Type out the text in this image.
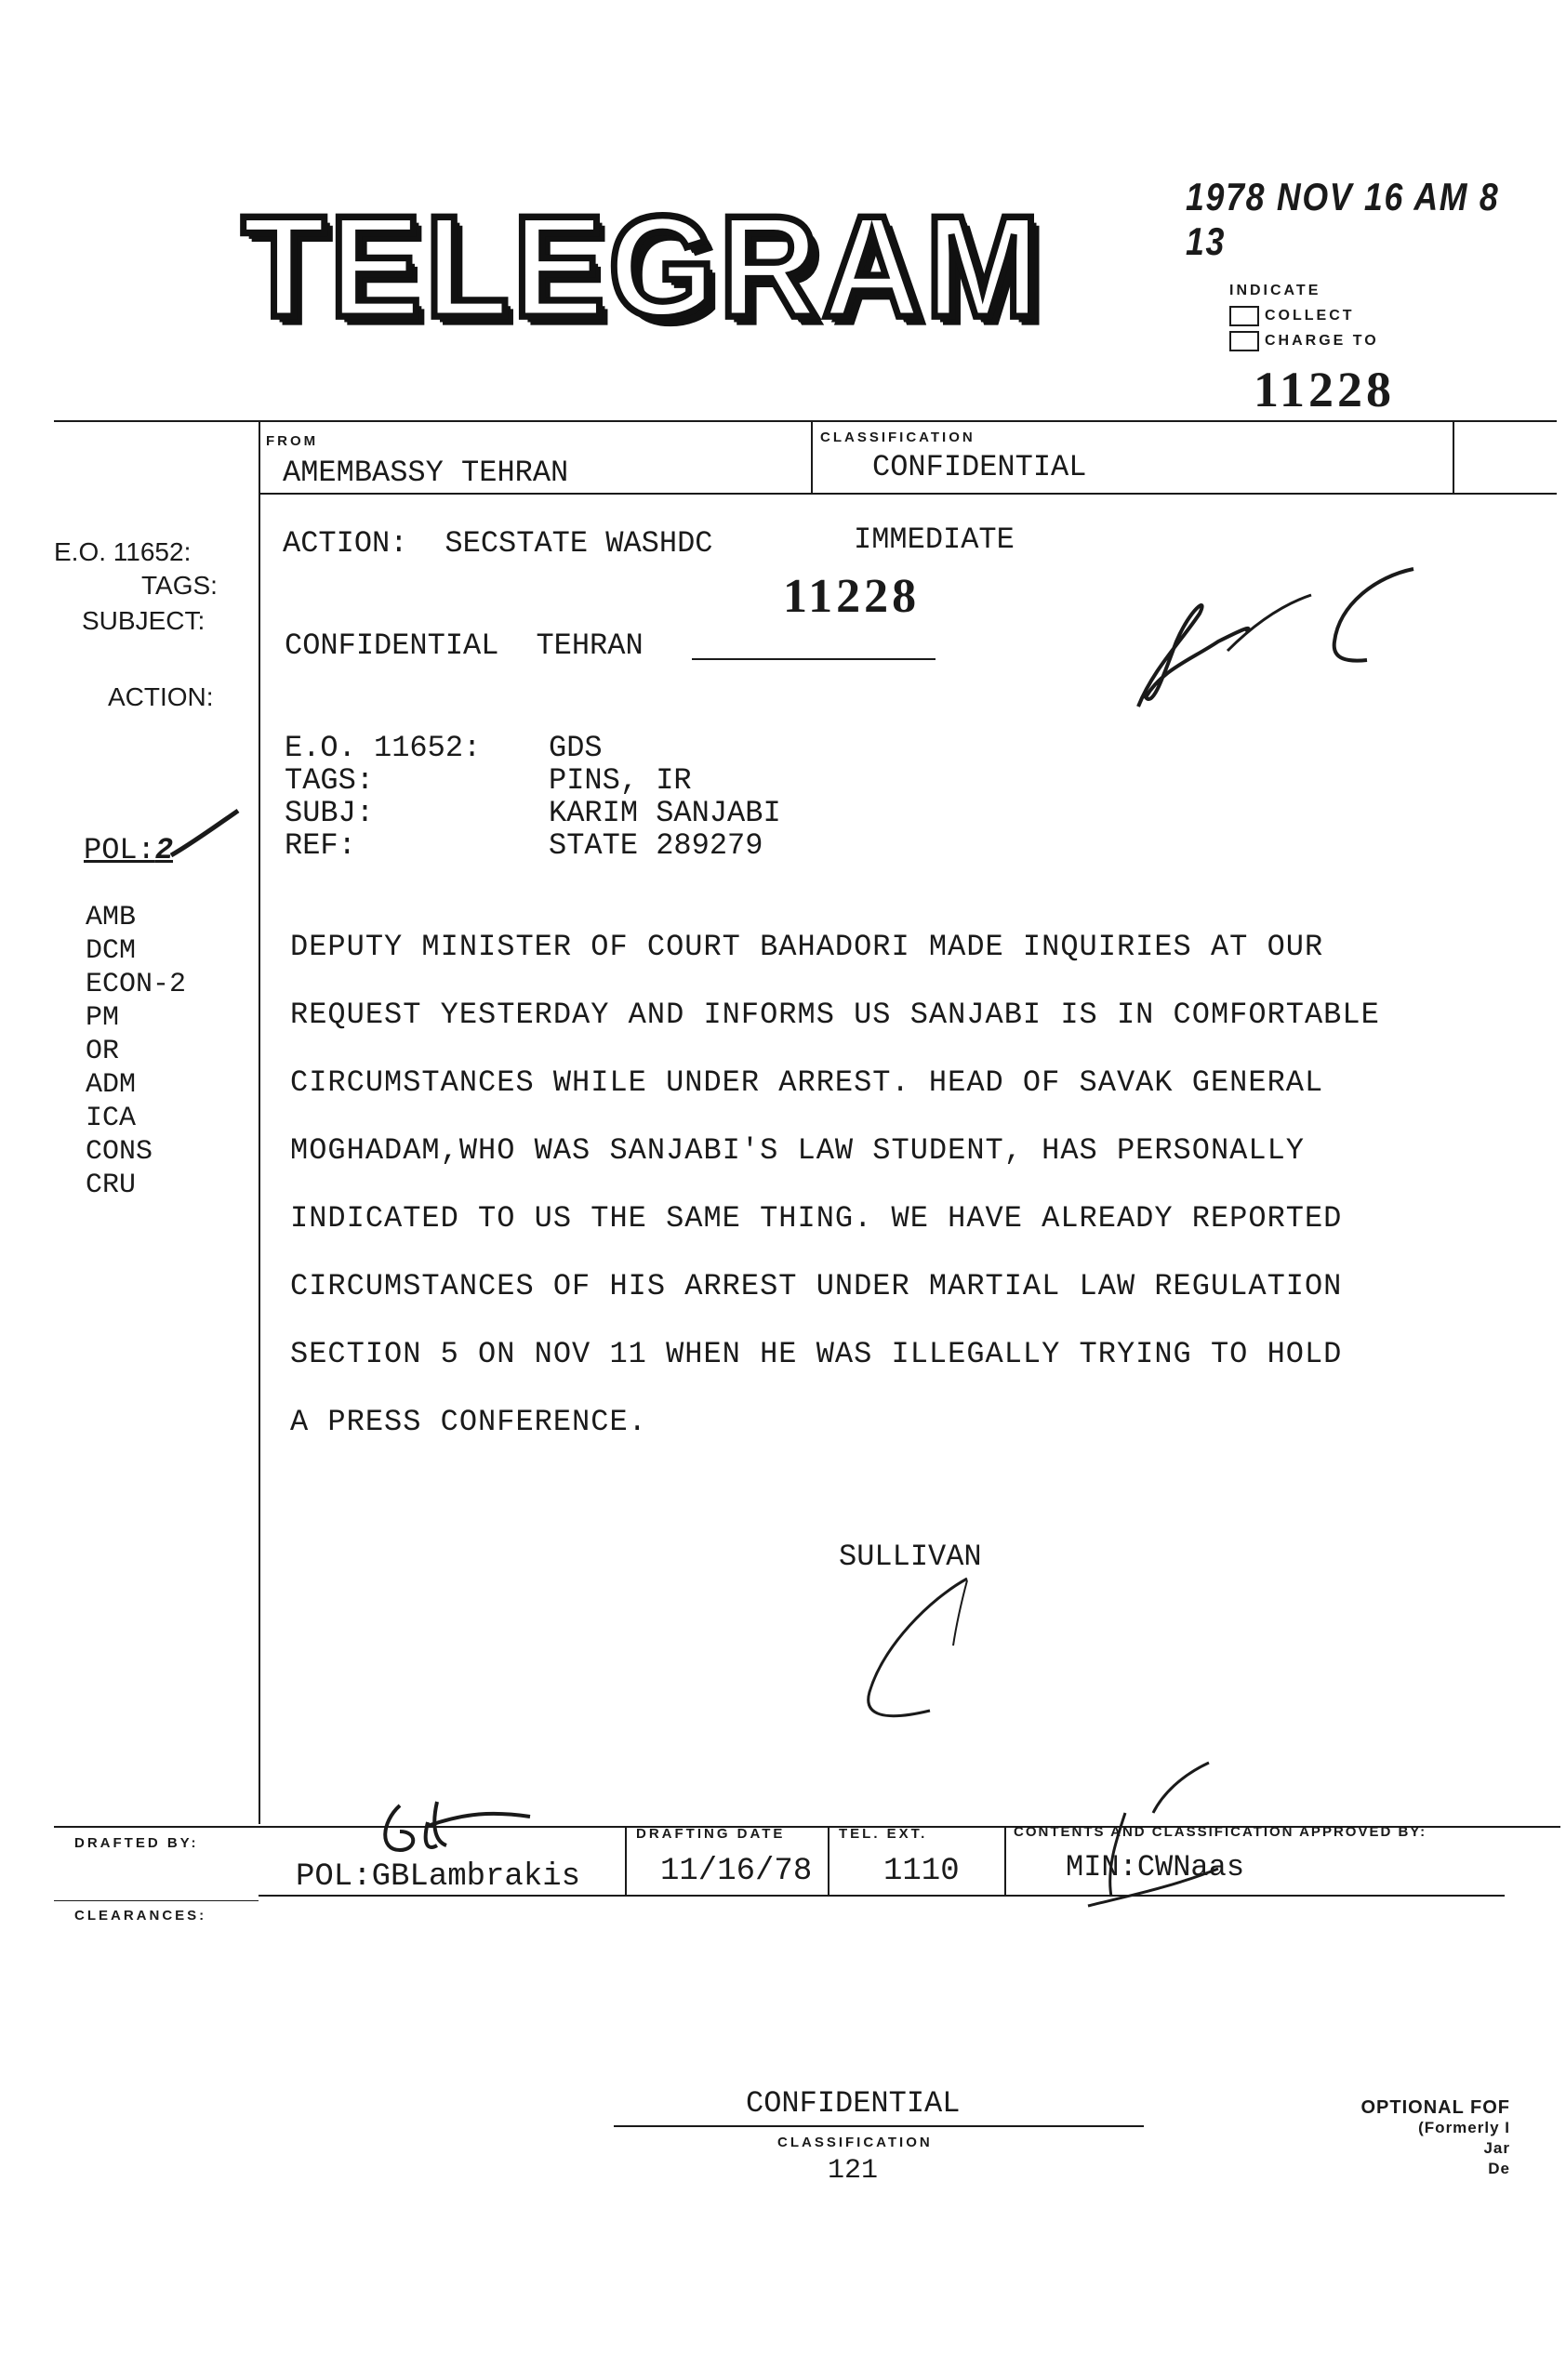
1978 NOV 16 AM 8 13
TELEGRAM	INDICATE
COLLECT
CHARGE TO
11228
FROM
AMEMBASSY TEHRAN
CLASSIFICATION
CONFIDENTIAL
E.O. 11652:
TAGS:
SUBJECT:
ACTION:
POL:2
AMB
DCM
ECON-2
PM
OR
ADM
ICA
CONS
CRU
ACTION: SECSTATE WASHDC	IMMEDIATE
11228
CONFIDENTIAL TEHRAN
E.O. 11652: GDS
TAGS:	PINS, IR
SUBJ:	KARIM SANJABI
REF:	STATE 289279
DEPUTY MINISTER OF COURT BAHADORI MADE INQUIRIES AT OUR
REQUEST YESTERDAY AND INFORMS US SANJABI IS IN COMFORTABLE
CIRCUMSTANCES WHILE UNDER ARREST. HEAD OF SAVAK GENERAL
MOGHADAM,WHO WAS SANJABI'S LAW STUDENT, HAS PERSONALLY
INDICATED TO US THE SAME THING. WE HAVE ALREADY REPORTED
CIRCUMSTANCES OF HIS ARREST UNDER MARTIAL LAW REGULATION
SECTION 5 ON NOV 11 WHEN HE WAS ILLEGALLY TRYING TO HOLD
A PRESS CONFERENCE.
SULLIVAN
DRAFTED BY:
POL:GBLambrakis
DRAFTING DATE
11/16/78
TEL. EXT.
1110
CONTENTS AND CLASSIFICATION APPROVED BY:
MIN:CWNaas
CLEARANCES:
CONFIDENTIAL
CLASSIFICATION
121
OPTIONAL FOF
(Formerly I
Jar
De
